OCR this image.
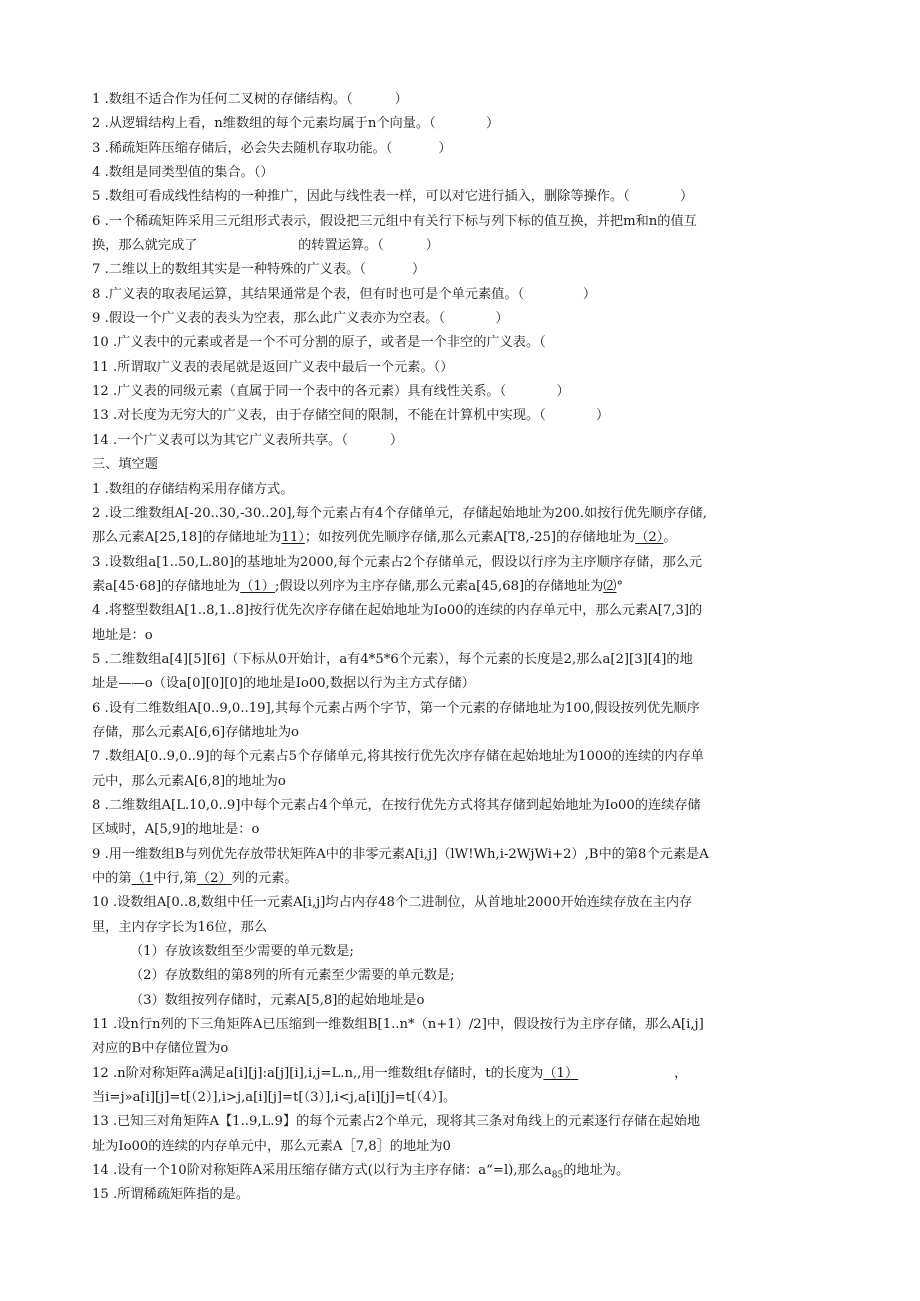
1 .数组不适合作为任何二叉树的存储结构。（          ）
2 .从逻辑结构上看，n维数组的每个元素均属于n个向量。（            ）
3 .稀疏矩阵压缩存储后，必会失去随机存取功能。（           ）
4 .数组是同类型值的集合。（）
5 .数组可看成线性结构的一种推广，因此与线性表一样，可以对它进行插入，删除等操作。（            ）
6 .一个稀疏矩阵采用三元组形式表示，假设把三元组中有关行下标与列下标的值互换，并把m和n的值互
换，那么就完成了                        的转置运算。（          ）
7 .二维以上的数组其实是一种特殊的广义表。（           ）
8 .广义表的取表尾运算，其结果通常是个表，但有时也可是个单元素值。（              ）
9 .假设一个广义表的表头为空表，那么此广义表亦为空表。（            ）
10 .广义表中的元素或者是一个不可分割的原子，或者是一个非空的广义表。（
11 .所谓取广义表的表尾就是返回广义表中最后一个元素。（）
12 .广义表的同级元素（直属于同一个表中的各元素）具有线性关系。（            ）
13 .对长度为无穷大的广义表，由于存储空间的限制，不能在计算机中实现。（            ）
14 .一个广义表可以为其它广义表所共享。（          ）
三、填空题
1 .数组的存储结构采用存储方式。
2 .设二维数组A[-20..30,-30..20],每个元素占有4个存储单元，存储起始地址为200.如按行优先顺序存储,
那么元素A[25,18]的存储地址为11）；如按列优先顺序存储,那么元素A[T8,-25]的存储地址为（2）。
3 .设数组a[1..50,L.80]的基地址为2000,每个元素占2个存储单元，假设以行序为主序顺序存储，那么元
素a[45·68]的存储地址为（1）;假设以列序为主序存储,那么元素a[45,68]的存储地址为⑵°
4 .将整型数组A[1..8,1..8]按行优先次序存储在起始地址为Io00的连续的内存单元中，那么元素A[7,3]的
地址是：o
5 .二维数组a[4][5][6]（下标从0开始计，a有4*5*6个元素），每个元素的长度是2,那么a[2][3][4]的地
址是——o（设a[0][0][0]的地址是Io00,数据以行为主方式存储）
6 .设有二维数组A[0..9,0..19],其每个元素占两个字节，第一个元素的存储地址为100,假设按列优先顺序
存储，那么元素A[6,6]存储地址为o
7 .数组A[0..9,0..9]的每个元素占5个存储单元,将其按行优先次序存储在起始地址为1000的连续的内存单
元中，那么元素A[6,8]的地址为o
8 .二维数组A[L.10,0..9]中每个元素占4个单元，在按行优先方式将其存储到起始地址为Io00的连续存储
区域时，A[5,9]的地址是：o
9 .用一维数组B与列优先存放带状矩阵A中的非零元素A[i,j]（lW!Wh,i-2WjWi+2）,B中的第8个元素是A
中的第（1中行,第（2）列的元素。
10 .设数组A[0..8,数组中任一元素A[i,j]均占内存48个二进制位，从首地址2000开始连续存放在主内存
里，主内存字长为16位，那么
（1）存放该数组至少需要的单元数是;
（2）存放数组的第8列的所有元素至少需要的单元数是;
（3）数组按列存储时，元素A[5,8]的起始地址是o
11 .设n行n列的下三角矩阵A已压缩到一维数组B[1..n*（n+1）/2]中，假设按行为主序存储，那么A[i,j]
对应的B中存储位置为o
12 .n阶对称矩阵a满足a[i][j]:a[j][i],i,j=L.n,,用一维数组t存储时，t的长度为（1）	，
当i=j»a[i][j]=t[（2）],i>j,a[i][j]=t[（3）],i<j,a[i][j]=t[（4）]。
13 .已知三对角矩阵A【1..9,L.9】的每个元素占2个单元，现将其三条对角线上的元素逐行存储在起始地
址为Io00的连续的内存单元中，那么元素A［7,8］的地址为0
14 .设有一个10阶对称矩阵A采用压缩存储方式(以行为主序存储：a“=l),那么$a_{85}$的地址为。
15 .所谓稀疏矩阵指的是。
